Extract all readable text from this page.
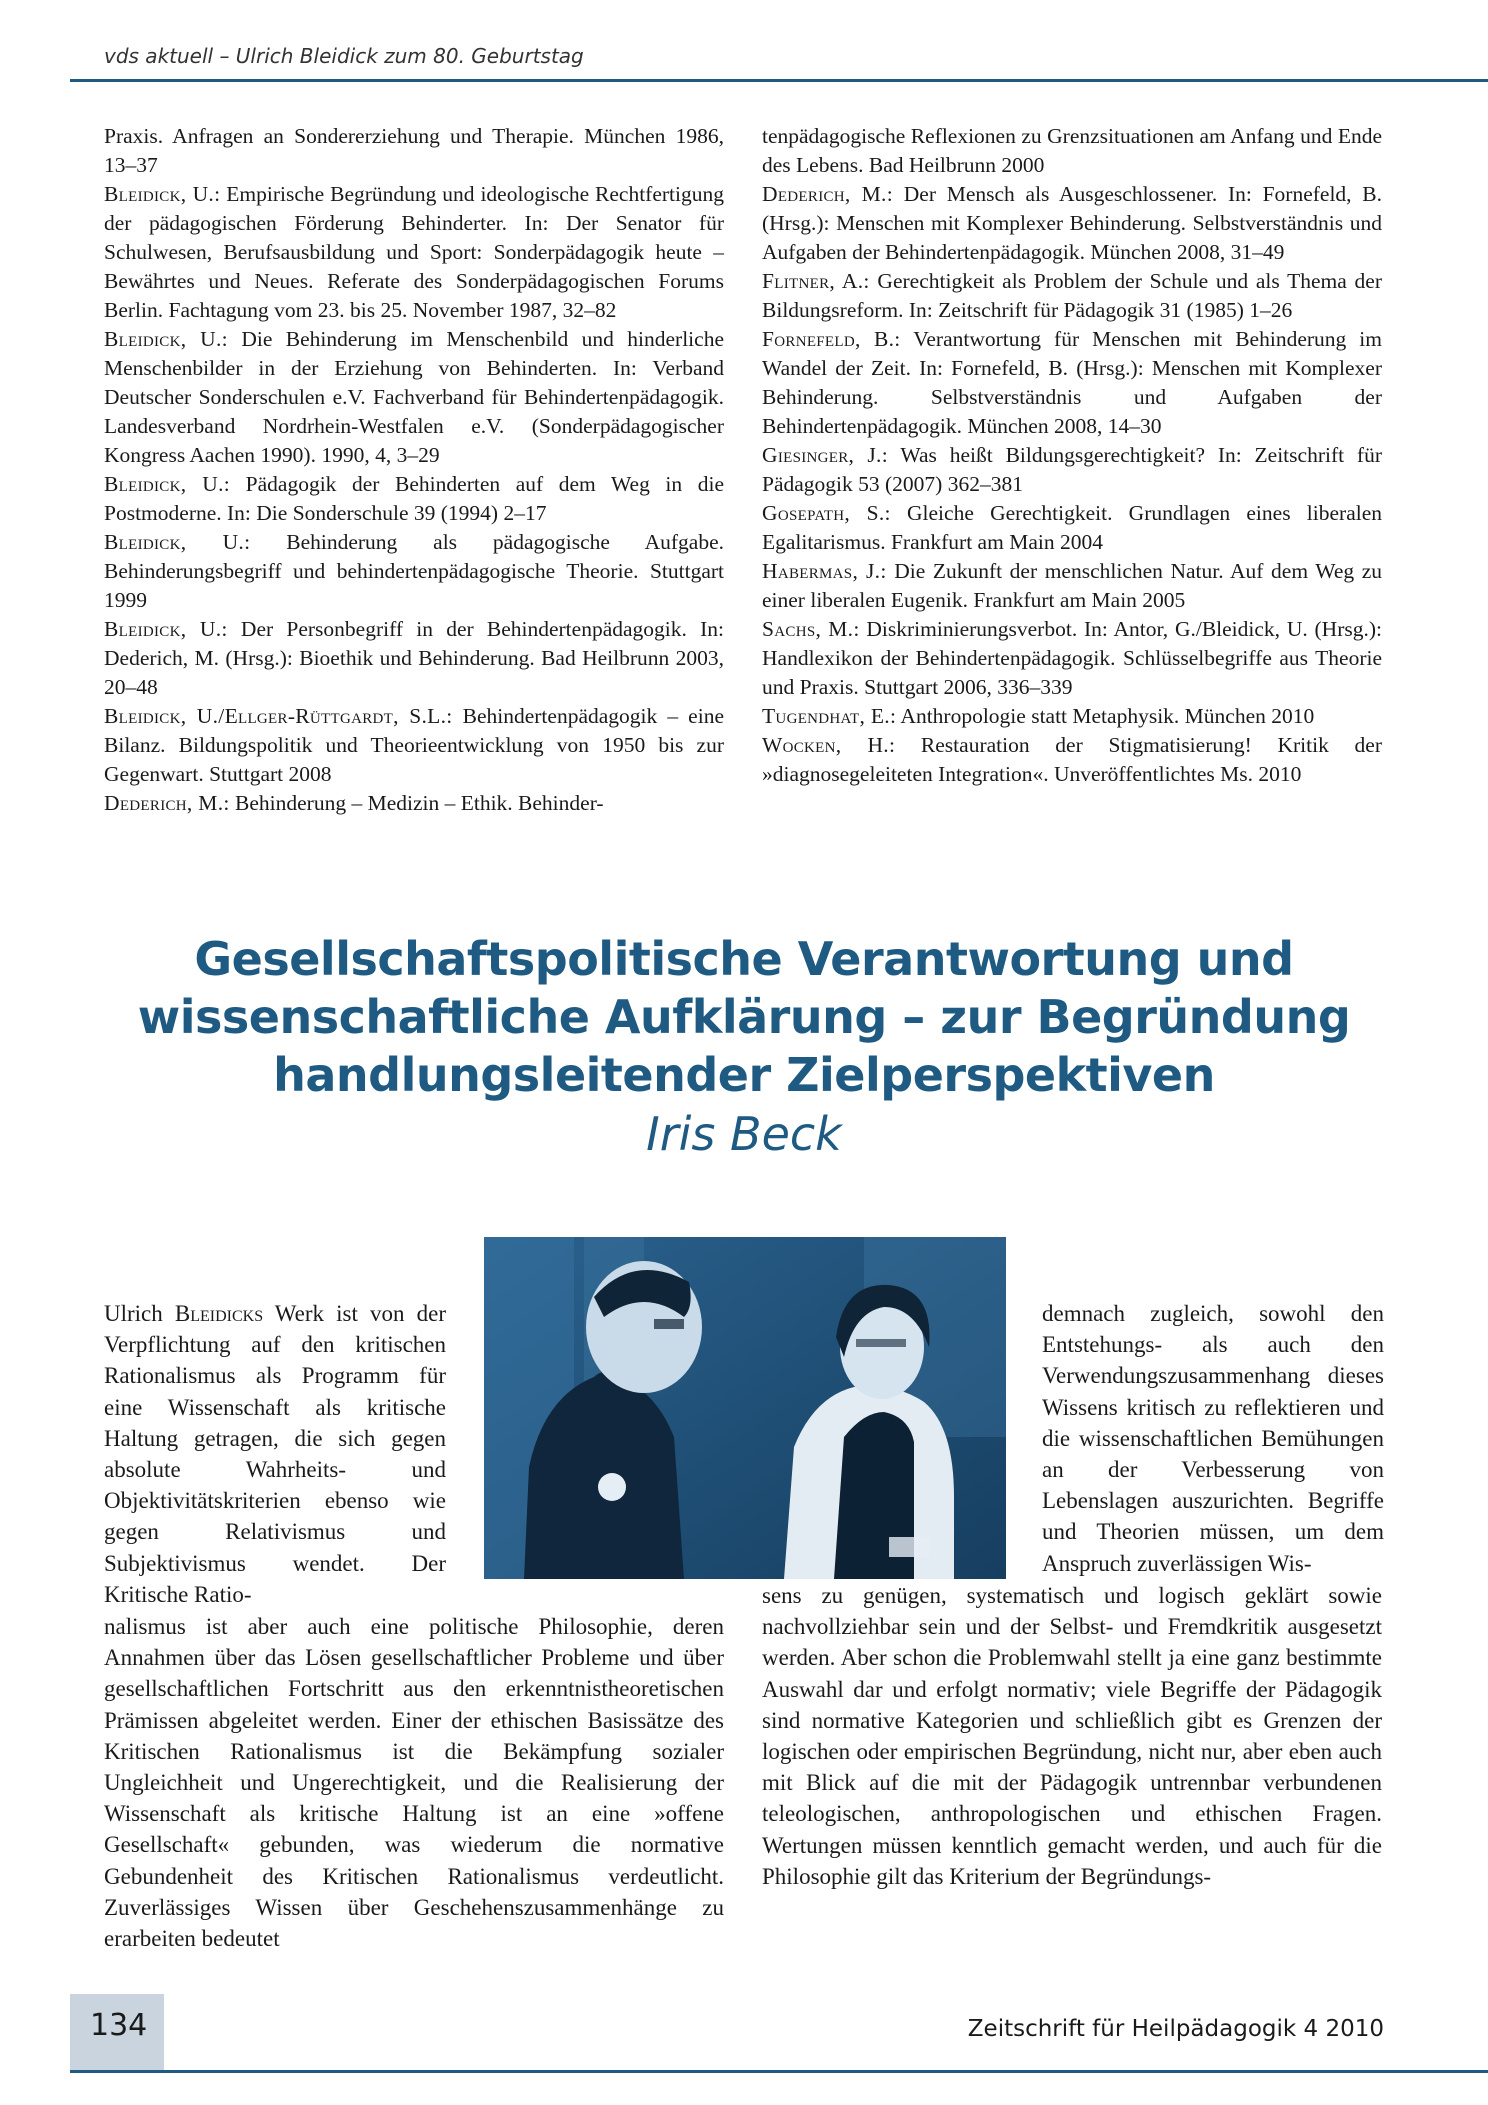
vds aktuell – Ulrich Bleidick zum 80. Geburtstag

Praxis. Anfragen an Sondererziehung und Therapie. München 1986, 13–37

Bleidick, U.: Empirische Begründung und ideologische Rechtfertigung der pädagogischen Förderung Behinderter. In: Der Senator für Schulwesen, Berufsausbildung und Sport: Sonderpädagogik heute – Bewährtes und Neues. Referate des Sonderpädagogischen Forums Berlin. Fachtagung vom 23. bis 25. November 1987, 32–82

Bleidick, U.: Die Behinderung im Menschenbild und hinderliche Menschenbilder in der Erziehung von Behinderten. In: Verband Deutscher Sonderschulen e.V. Fachverband für Behindertenpädagogik. Landesverband Nordrhein-Westfalen e.V. (Sonderpädagogischer Kongress Aachen 1990). 1990, 4, 3–29

Bleidick, U.: Pädagogik der Behinderten auf dem Weg in die Postmoderne. In: Die Sonderschule 39 (1994) 2–17

Bleidick, U.: Behinderung als pädagogische Aufgabe. Behinderungsbegriff und behindertenpädagogische Theorie. Stuttgart 1999

Bleidick, U.: Der Personbegriff in der Behindertenpädagogik. In: Dederich, M. (Hrsg.): Bioethik und Behinderung. Bad Heilbrunn 2003, 20–48

Bleidick, U./Ellger-Rüttgardt, S.L.: Behindertenpädagogik – eine Bilanz. Bildungspolitik und Theorieentwicklung von 1950 bis zur Gegenwart. Stuttgart 2008

Dederich, M.: Behinderung – Medizin – Ethik. Behinder-

tenpädagogische Reflexionen zu Grenzsituationen am Anfang und Ende des Lebens. Bad Heilbrunn 2000

Dederich, M.: Der Mensch als Ausgeschlossener. In: Fornefeld, B. (Hrsg.): Menschen mit Komplexer Behinderung. Selbstverständnis und Aufgaben der Behindertenpädagogik. München 2008, 31–49

Flitner, A.: Gerechtigkeit als Problem der Schule und als Thema der Bildungsreform. In: Zeitschrift für Pädagogik 31 (1985) 1–26

Fornefeld, B.: Verantwortung für Menschen mit Behinderung im Wandel der Zeit. In: Fornefeld, B. (Hrsg.): Menschen mit Komplexer Behinderung. Selbstverständnis und Aufgaben der Behindertenpädagogik. München 2008, 14–30

Giesinger, J.: Was heißt Bildungsgerechtigkeit? In: Zeitschrift für Pädagogik 53 (2007) 362–381

Gosepath, S.: Gleiche Gerechtigkeit. Grundlagen eines liberalen Egalitarismus. Frankfurt am Main 2004

Habermas, J.: Die Zukunft der menschlichen Natur. Auf dem Weg zu einer liberalen Eugenik. Frankfurt am Main 2005

Sachs, M.: Diskriminierungsverbot. In: Antor, G./Bleidick, U. (Hrsg.): Handlexikon der Behindertenpädagogik. Schlüsselbegriffe aus Theorie und Praxis. Stuttgart 2006, 336–339

Tugendhat, E.: Anthropologie statt Metaphysik. München 2010

Wocken, H.: Restauration der Stigmatisierung! Kritik der »diagnosegeleiteten Integration«. Unveröffentlichtes Ms. 2010

Gesellschaftspolitische Verantwortung und
wissenschaftliche Aufklärung – zur Begründung
handlungsleitender Zielperspektiven
Iris Beck
Ulrich Bleidicks Werk ist von der Verpflichtung auf den kritischen Rationalismus als Programm für eine Wissenschaft als kritische Haltung getragen, die sich gegen absolute Wahrheits- und Objektivitätskriterien ebenso wie gegen Relativismus und Subjektivismus wendet. Der Kritische Ratio-
demnach zugleich, sowohl den Entstehungs- als auch den Verwendungszusammenhang dieses Wissens kritisch zu reflektieren und die wissenschaftlichen Bemühungen an der Verbesserung von Lebenslagen auszurichten. Begriffe und Theorien müssen, um dem Anspruch zuverlässigen Wis-
nalismus ist aber auch eine politische Philosophie, deren Annahmen über das Lösen gesellschaftlicher Probleme und über gesellschaftlichen Fortschritt aus den erkenntnistheoretischen Prämissen abgeleitet werden. Einer der ethischen Basissätze des Kritischen Rationalismus ist die Bekämpfung sozialer Ungleichheit und Ungerechtigkeit, und die Realisierung der Wissenschaft als kritische Haltung ist an eine »offene Gesellschaft« gebunden, was wiederum die normative Gebundenheit des Kritischen Rationalismus verdeutlicht. Zuverlässiges Wissen über Geschehenszusammenhänge zu erarbeiten bedeutet
sens zu genügen, systematisch und logisch geklärt sowie nachvollziehbar sein und der Selbst- und Fremdkritik ausgesetzt werden. Aber schon die Problemwahl stellt ja eine ganz bestimmte Auswahl dar und erfolgt normativ; viele Begriffe der Pädagogik sind normative Kategorien und schließlich gibt es Grenzen der logischen oder empirischen Begründung, nicht nur, aber eben auch mit Blick auf die mit der Pädagogik untrennbar verbundenen teleologischen, anthropologischen und ethischen Fragen. Wertungen müssen kenntlich gemacht werden, und auch für die Philosophie gilt das Kriterium der Begründungs-
134	Zeitschrift für Heilpädagogik 4 2010
